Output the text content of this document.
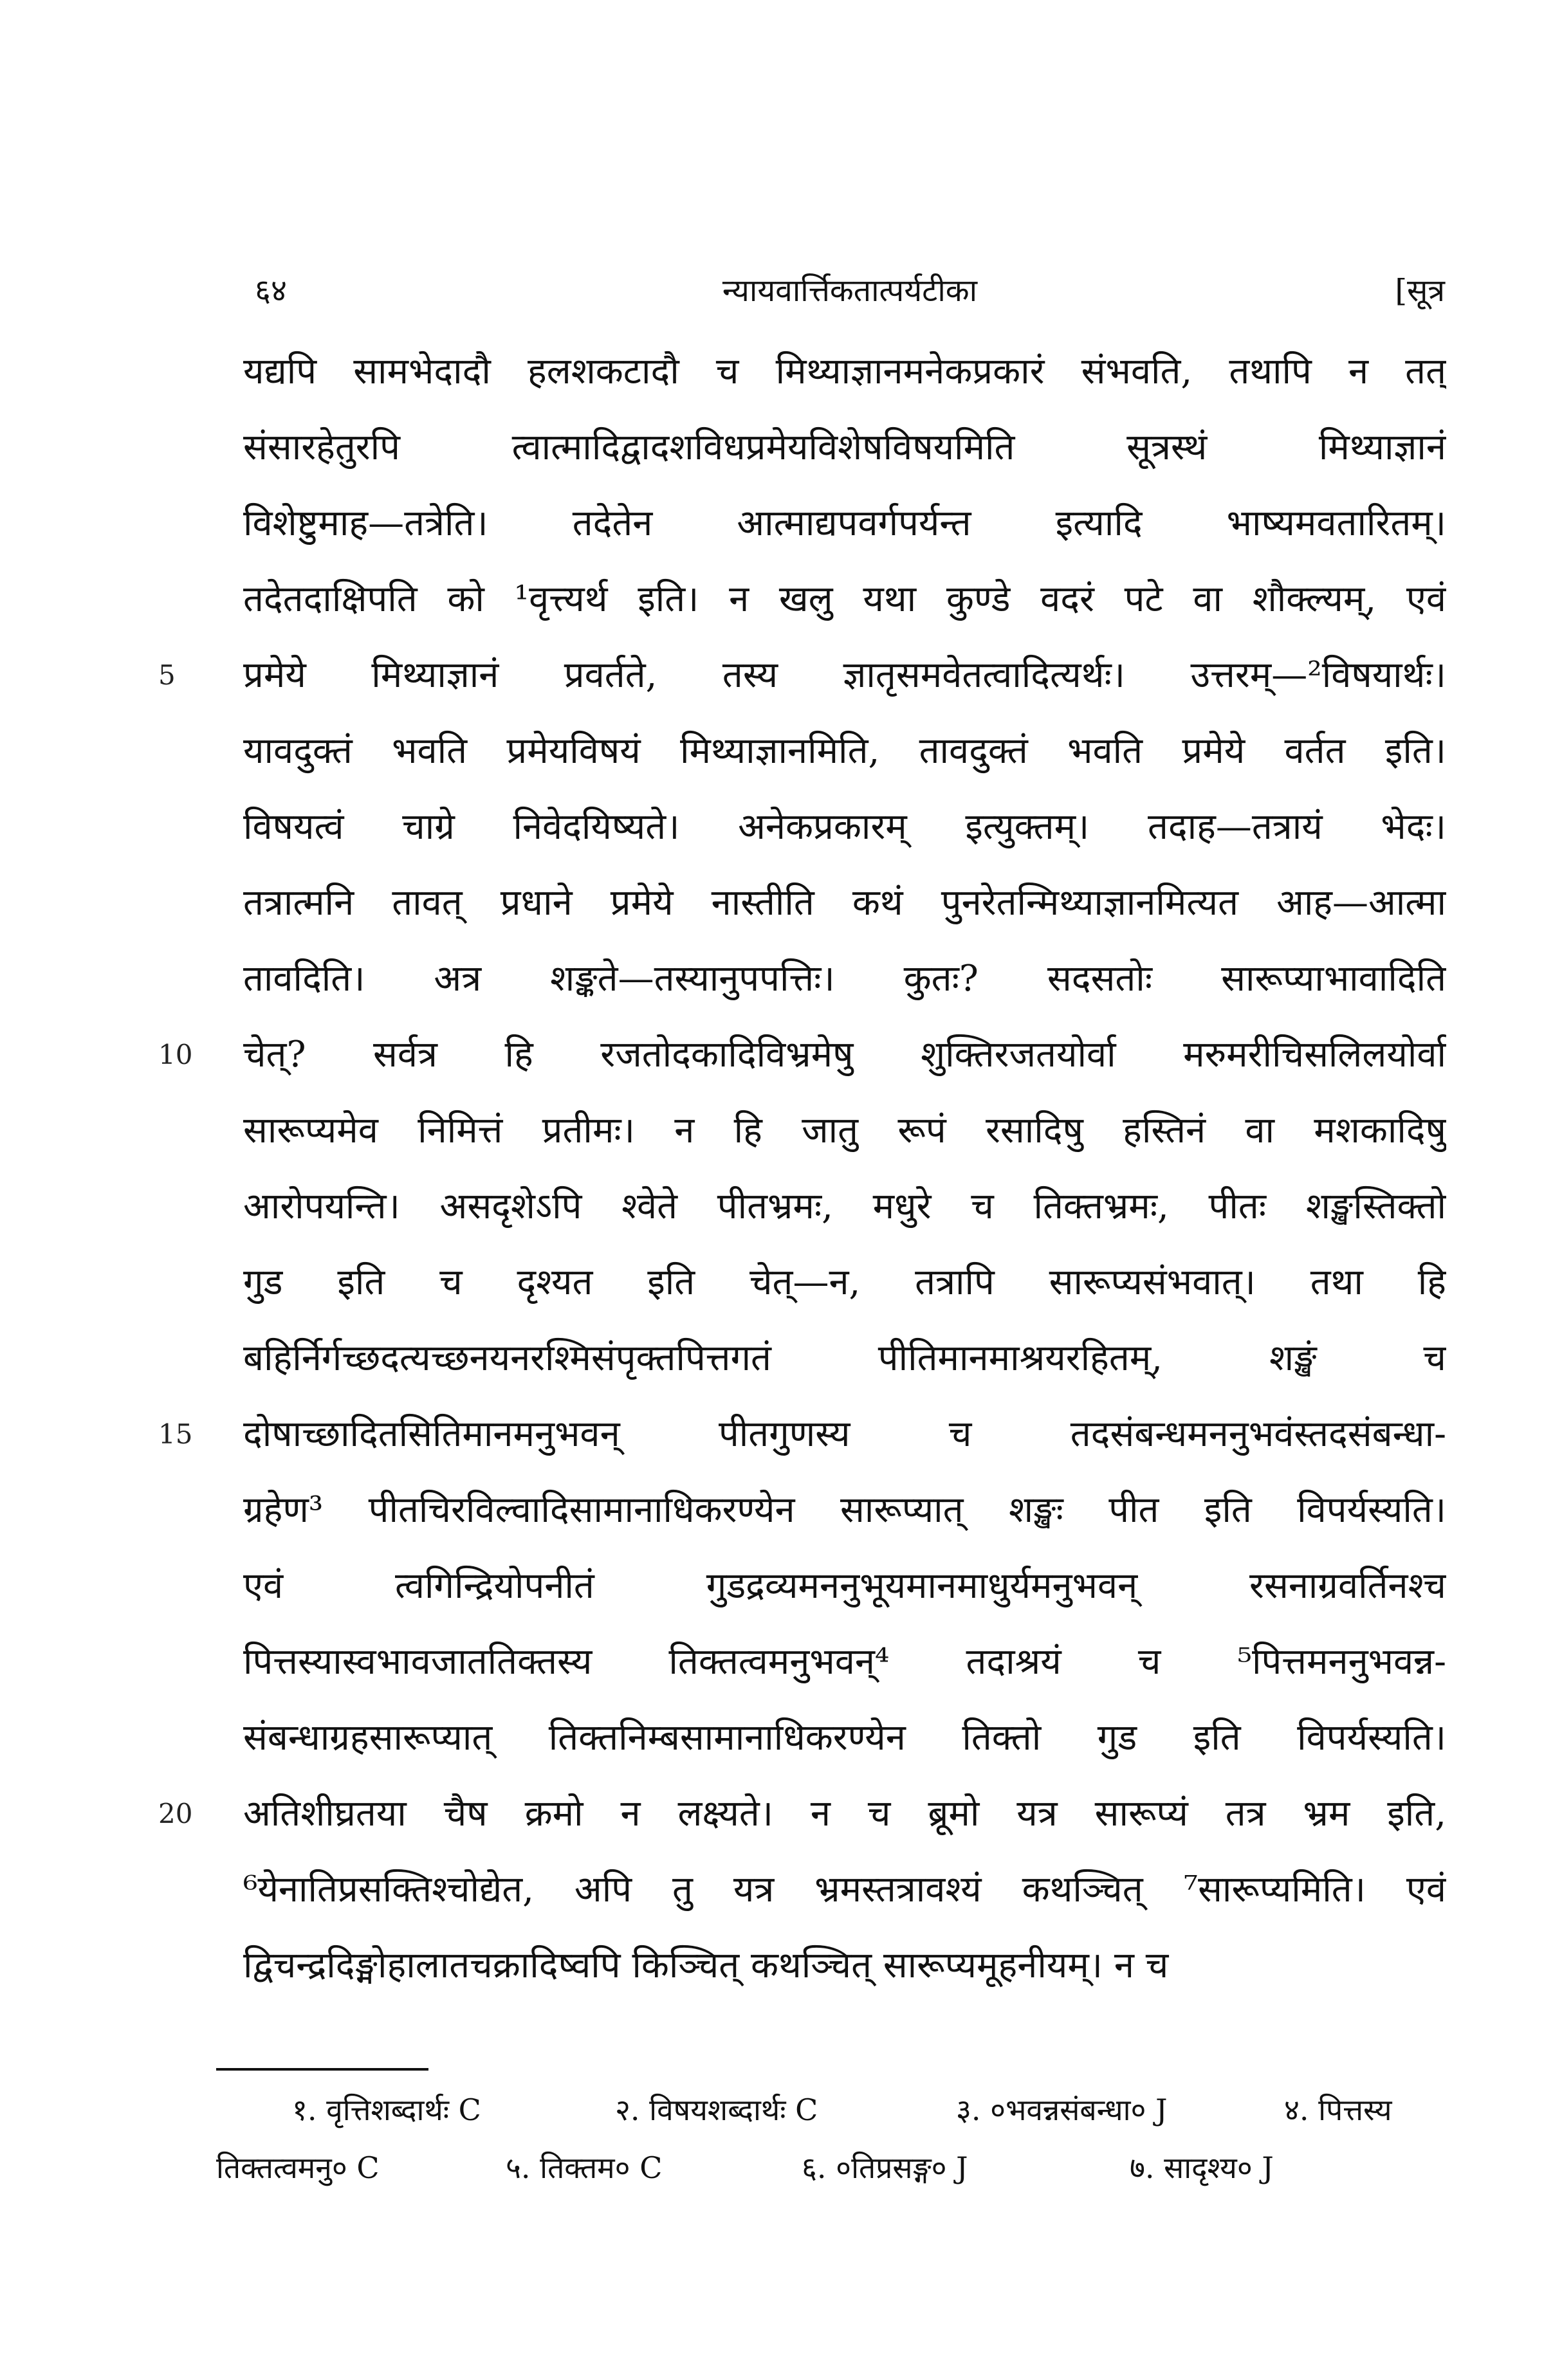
६४	न्यायवार्त्तिकतात्पर्यटीका	[सूत्र
यद्यपि सामभेदादौ हलशकटादौ च मिथ्याज्ञानमनेकप्रकारं संभवति, तथापि न तत्
संसारहेतुरपि त्वात्मादिद्वादशविधप्रमेयविशेषविषयमिति सूत्रस्थं मिथ्याज्ञानं
विशेष्टुमाह—तत्रेति। तदेतेन आत्माद्यपवर्गपर्यन्त इत्यादि भाष्यमवतारितम्।
तदेतदाक्षिपति को ¹वृत्त्यर्थ इति। न खलु यथा कुण्डे वदरं पटे वा शौक्ल्यम्, एवं
5	प्रमेये मिथ्याज्ञानं प्रवर्तते, तस्य ज्ञातृसमवेतत्वादित्यर्थः। उत्तरम्—²विषयार्थः।
यावदुक्तं भवति प्रमेयविषयं मिथ्याज्ञानमिति, तावदुक्तं भवति प्रमेये वर्तत इति।
विषयत्वं चाग्रे निवेदयिष्यते। अनेकप्रकारम् इत्युक्तम्। तदाह—तत्रायं भेदः।
तत्रात्मनि तावत् प्रधाने प्रमेये नास्तीति कथं पुनरेतन्मिथ्याज्ञानमित्यत आह—आत्मा
तावदिति। अत्र शङ्कते—तस्यानुपपत्तिः। कुतः? सदसतोः सारूप्याभावादिति
10	चेत्? सर्वत्र हि रजतोदकादिविभ्रमेषु शुक्तिरजतयोर्वा मरुमरीचिसलिलयोर्वा
सारूप्यमेव निमित्तं प्रतीमः। न हि जातु रूपं रसादिषु हस्तिनं वा मशकादिषु
आरोपयन्ति। असदृशेऽपि श्वेते पीतभ्रमः, मधुरे च तिक्तभ्रमः, पीतः शङ्खस्तिक्तो
गुड इति च दृश्यत इति चेत्—न, तत्रापि सारूप्यसंभवात्। तथा हि
बहिर्निर्गच्छदत्यच्छनयनरश्मिसंपृक्तपित्तगतं पीतिमानमाश्रयरहितम्, शङ्खं च
15	दोषाच्छादितसितिमानमनुभवन् पीतगुणस्य च तदसंबन्धमननुभवंस्तदसंबन्धा-
ग्रहेण³ पीतचिरविल्वादिसामानाधिकरण्येन सारूप्यात् शङ्खः पीत इति विपर्यस्यति।
एवं त्वगिन्द्रियोपनीतं गुडद्रव्यमननुभूयमानमाधुर्यमनुभवन् रसनाग्रवर्तिनश्च
पित्तस्यास्वभावजाततिक्तस्य तिक्तत्वमनुभवन्⁴ तदाश्रयं च ⁵पित्तमननुभवन्न-
संबन्धाग्रहसारूप्यात् तिक्तनिम्बसामानाधिकरण्येन तिक्तो गुड इति विपर्यस्यति।
20	अतिशीघ्रतया चैष क्रमो न लक्ष्यते। न च ब्रूमो यत्र सारूप्यं तत्र भ्रम इति,
⁶येनातिप्रसक्तिश्चोद्येत, अपि तु यत्र भ्रमस्तत्रावश्यं कथञ्चित् ⁷सारूप्यमिति। एवं
द्विचन्द्रदिङ्मोहालातचक्रादिष्वपि किञ्चित् कथञ्चित् सारूप्यमूहनीयम्। न च
१. वृत्तिशब्दार्थः C	२. विषयशब्दार्थः C	३. ०भवन्नसंबन्धा० J	४. पित्तस्य
तिक्तत्वमनु० C	५. तिक्तम० C	६. ०तिप्रसङ्ग० J	७. सादृश्य० J
